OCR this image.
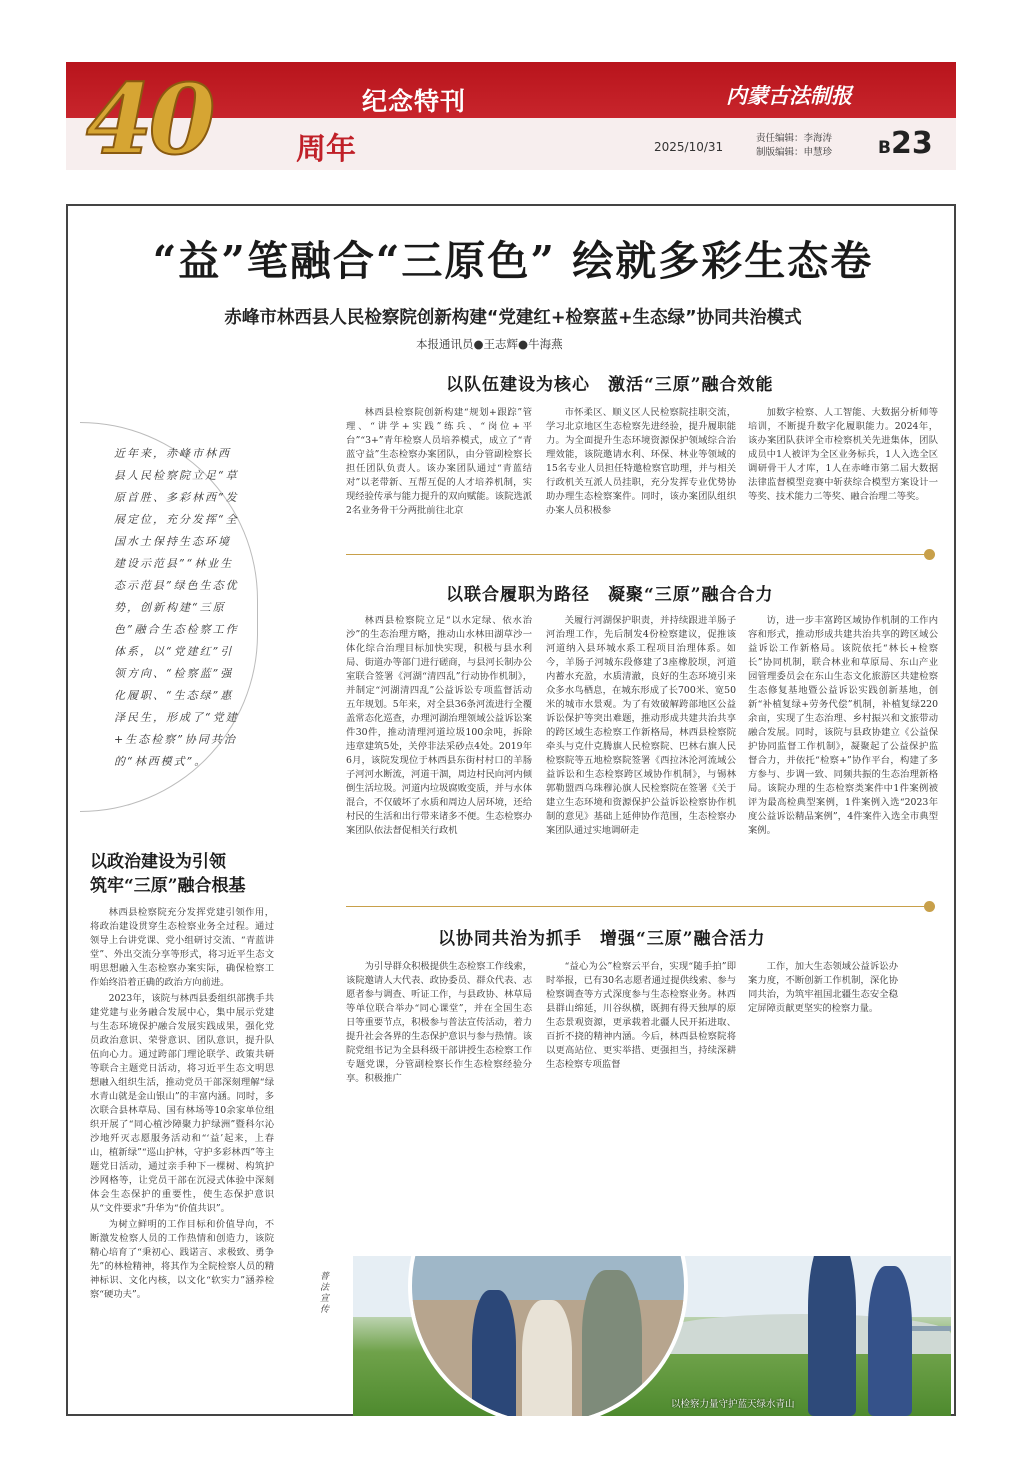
40	周年
纪念特刊	内蒙古法制报
2025/10/31
责任编辑：李海涛
制版编辑：申慧珍	B23
“益”笔融合“三原色” 绘就多彩生态卷
赤峰市林西县人民检察院创新构建“党建红+检察蓝+生态绿”协同共治模式
本报通讯员●王志辉●牛海燕
近年来，赤峰市林西县人民检察院立足“草原首胜、多彩林西”发展定位，充分发挥“全国水土保持生态环境建设示范县”“林业生态示范县”绿色生态优势，创新构建“三原色”融合生态检察工作体系，以“党建红”引领方向、“检察蓝”强化履职、“生态绿”惠泽民生，形成了“党建+生态检察”协同共治的“林西模式”。
以政治建设为引领
筑牢“三原”融合根基

林西县检察院充分发挥党建引领作用，将政治建设贯穿生态检察业务全过程。通过领导上台讲党课、党小组研讨交流、“青蓝讲堂”、外出交流分享等形式，将习近平生态文明思想融入生态检察办案实际，确保检察工作始终沿着正确的政治方向前进。

2023年，该院与林西县委组织部携手共建党建与业务融合发展中心，集中展示党建与生态环境保护融合发展实践成果，强化党员政治意识、荣誉意识、团队意识，提升队伍向心力。通过跨部门理论联学、政策共研等联合主题党日活动，将习近平生态文明思想融入组织生活，推动党员干部深刻理解“绿水青山就是金山银山”的丰富内涵。同时，多次联合县林草局、国有林场等10余家单位组织开展了“同心植沙障聚力护绿洲”暨科尔沁沙地歼灭志愿服务活动和“‘益’起来，上春山，植新绿”“巡山护林，守护多彩林西”等主题党日活动，通过亲手种下一棵树、构筑护沙网格等，让党员干部在沉浸式体验中深刻体会生态保护的重要性，使生态保护意识从“文件要求”升华为“价值共识”。

为树立鲜明的工作目标和价值导向，不断激发检察人员的工作热情和创造力，该院精心培育了“秉初心、践诺言、求极致、勇争先”的林检精神，将其作为全院检察人员的精神标识、文化内核，以文化“软实力”涵养检察“硬功夫”。

以队伍建设为核心　激活“三原”融合效能

林西县检察院创新构建“规划+跟踪”管理、“讲学+实践”练兵、“岗位+平台”“3+”青年检察人员培养模式，成立了“青蓝守益”生态检察办案团队，由分管副检察长担任团队负责人。该办案团队通过“青蓝结对”以老带新、互帮互促的人才培养机制，实现经验传承与能力提升的双向赋能。该院选派2名业务骨干分两批前往北京

市怀柔区、顺义区人民检察院挂职交流，学习北京地区生态检察先进经验，提升履职能力。为全面提升生态环境资源保护领域综合治理效能，该院邀请水利、环保、林业等领域的15名专业人员担任特邀检察官助理，并与相关行政机关互派人员挂职，充分发挥专业优势协助办理生态检察案件。同时，该办案团队组织办案人员积极参

加数字检察、人工智能、大数据分析师等培训，不断提升数字化履职能力。2024年，该办案团队获评全市检察机关先进集体，团队成员中1人被评为全区业务标兵，1人入选全区调研骨干人才库，1人在赤峰市第二届大数据法律监督模型竞赛中斩获综合模型方案设计一等奖、技术能力二等奖、融合治理二等奖。

以联合履职为路径　凝聚“三原”融合合力

林西县检察院立足“以水定绿、依水治沙”的生态治理方略，推动山水林田湖草沙一体化综合治理目标加快实现，积极与县水利局、街道办等部门进行磋商，与县河长制办公室联合签署《河湖“清四乱”行动协作机制》，并制定“河湖清四乱”公益诉讼专项监督活动五年规划。5年来，对全县36条河流进行全覆盖常态化巡查，办理河湖治理领域公益诉讼案件30件，推动清理河道垃圾100余吨，拆除违章建筑5处，关停非法采砂点4处。2019年6月，该院发现位于林西县东街村村口的羊肠子河河水断流，河道干涸，周边村民向河内倾倒生活垃圾。河道内垃圾腐败变质，并与水体混合，不仅破坏了水质和周边人居环境，还给村民的生活和出行带来诸多不便。生态检察办案团队依法督促相关行政机

关履行河湖保护职责，并持续跟进羊肠子河治理工作，先后制发4份检察建议，促推该河道纳入县环城水系工程项目治理体系。如今，羊肠子河城东段修建了3座橡胶坝，河道内蓄水充盈，水质清澈，良好的生态环境引来众多水鸟栖息，在城东形成了长700米、宽50米的城市水景观。为了有效破解跨部地区公益诉讼保护等突出难题，推动形成共建共治共享的跨区域生态检察工作新格局，林西县检察院牵头与克什克腾旗人民检察院、巴林右旗人民检察院等五地检察院签署《西拉沐沦河流域公益诉讼和生态检察跨区域协作机制》，与锡林郭勒盟西乌珠穆沁旗人民检察院在签署《关于建立生态环境和资源保护公益诉讼检察协作机制的意见》基础上延伸协作范围，生态检察办案团队通过实地调研走

访，进一步丰富跨区域协作机制的工作内容和形式，推动形成共建共治共享的跨区域公益诉讼工作新格局。该院依托“林长+检察长”协同机制，联合林业和草原局、东山产业园管理委员会在东山生态文化旅游区共建检察生态修复基地暨公益诉讼实践创新基地，创新“补植复绿+劳务代偿”机制，补植复绿220余亩，实现了生态治理、乡村振兴和文旅带动融合发展。同时，该院与县政协建立《公益保护协同监督工作机制》，凝聚起了公益保护监督合力，并依托“检察+”协作平台，构建了多方参与、步调一致、同频共振的生态治理新格局。该院办理的生态检察类案件中1件案例被评为最高检典型案例，1件案例入选“2023年度公益诉讼精品案例”，4件案件入选全市典型案例。

以协同共治为抓手　增强“三原”融合活力

为引导群众积极提供生态检察工作线索，该院邀请人大代表、政协委员、群众代表、志愿者参与调查、听证工作，与县政协、林草局等单位联合举办“同心课堂”，并在全国生态日等重要节点，积极参与普法宣传活动，着力提升社会各界的生态保护意识与参与热情。该院党组书记为全县科级干部讲授生态检察工作专题党课，分管副检察长作生态检察经验分享。积极推广

“益心为公”检察云平台，实现“随手拍”即时举报，已有30名志愿者通过提供线索、参与检察调查等方式深度参与生态检察业务。林西县群山绵延，川谷纵横，既拥有得天独厚的原生态景观资源，更承载着北疆人民开拓进取、百折不挠的精神内涵。今后，林西县检察院将以更高站位、更实举措、更强担当，持续深耕生态检察专项监督

工作，加大生态领域公益诉讼办案力度，不断创新工作机制，深化协同共治，为筑牢祖国北疆生态安全稳定屏障贡献更坚实的检察力量。

普法宣传
以检察力量守护蓝天绿水青山
